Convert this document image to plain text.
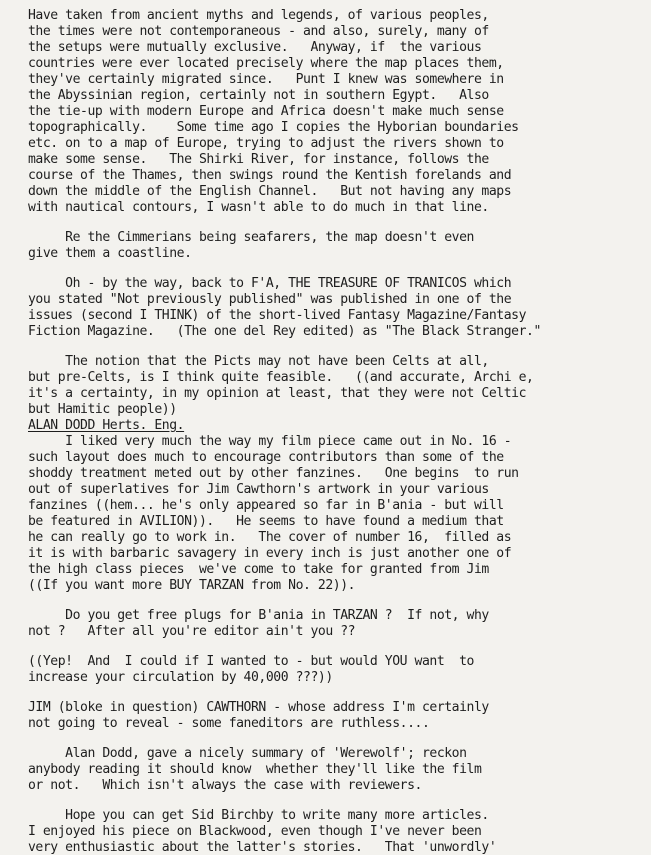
Have taken from ancient myths and legends, of various peoples,
the times were not contemporaneous - and also, surely, many of
the setups were mutually exclusive.   Anyway, if  the various
countries were ever located precisely where the map places them,
they've certainly migrated since.   Punt I knew was somewhere in
the Abyssinian region, certainly not in southern Egypt.   Also
the tie-up with modern Europe and Africa doesn't make much sense
topographically.    Some time ago I copies the Hyborian boundaries
etc. on to a map of Europe, trying to adjust the rivers shown to
make some sense.   The Shirki River, for instance, follows the
course of the Thames, then swings round the Kentish forelands and
down the middle of the English Channel.   But not having any maps
with nautical contours, I wasn't able to do much in that line.
Re the Cimmerians being seafarers, the map doesn't even
give them a coastline.
Oh - by the way, back to F'A, THE TREASURE OF TRANICOS which
you stated "Not previously published" was published in one of the
issues (second I THINK) of the short-lived Fantasy Magazine/Fantasy
Fiction Magazine.   (The one del Rey edited) as "The Black Stranger."
The notion that the Picts may not have been Celts at all,
but pre-Celts, is I think quite feasible.   ((and accurate, Archi e,
it's a certainty, in my opinion at least, that they were not Celtic
but Hamitic people))
ALAN DODD Herts. Eng.
I liked very much the way my film piece came out in No. 16 -
such layout does much to encourage contributors than some of the
shoddy treatment meted out by other fanzines.   One begins  to run
out of superlatives for Jim Cawthorn's artwork in your various
fanzines ((hem... he's only appeared so far in B'ania - but will
be featured in AVILION)).   He seems to have found a medium that
he can really go to work in.   The cover of number 16,  filled as
it is with barbaric savagery in every inch is just another one of
the high class pieces  we've come to take for granted from Jim
((If you want more BUY TARZAN from No. 22)).
Do you get free plugs for B'ania in TARZAN ?  If not, why
not ?   After all you're editor ain't you ??
((Yep!  And  I could if I wanted to - but would YOU want  to
increase your circulation by 40,000 ???))
JIM (bloke in question) CAWTHORN - whose address I'm certainly
not going to reveal - some faneditors are ruthless....
Alan Dodd, gave a nicely summary of 'Werewolf'; reckon
anybody reading it should know  whether they'll like the film
or not.   Which isn't always the case with reviewers.
Hope you can get Sid Birchby to write many more articles.
I enjoyed his piece on Blackwood, even though I've never been
very enthusiastic about the latter's stories.   That 'unwordly'
